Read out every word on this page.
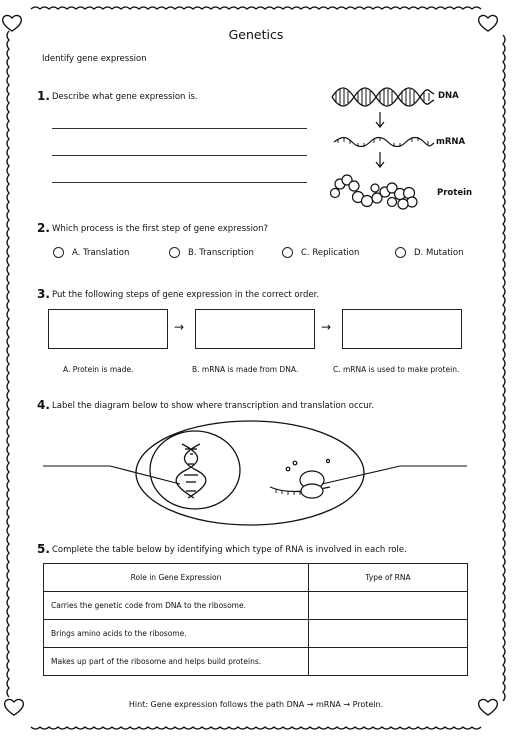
Genetics
Identify gene expression
1. Describe what gene expression is.	DNA
mRNA
Protein
2. Which process is the first step of gene expression?
A. Translation	B. Transcription	C. Replication	D. Mutation
3. Put the following steps of gene expression in the correct order.
→	→
A. Protein is made.	B. mRNA is made from DNA.	C. mRNA is used to make protein.
4. Label the diagram below to show where transcription and translation occur.
5. Complete the table below by identifying which type of RNA is involved in each role.
Role in Gene Expression	Type of RNA
Carries the genetic code from DNA to the ribosome.	
Brings amino acids to the ribosome.	
Makes up part of the ribosome and helps build proteins.	
Hint: Gene expression follows the path DNA → mRNA → Protein.
